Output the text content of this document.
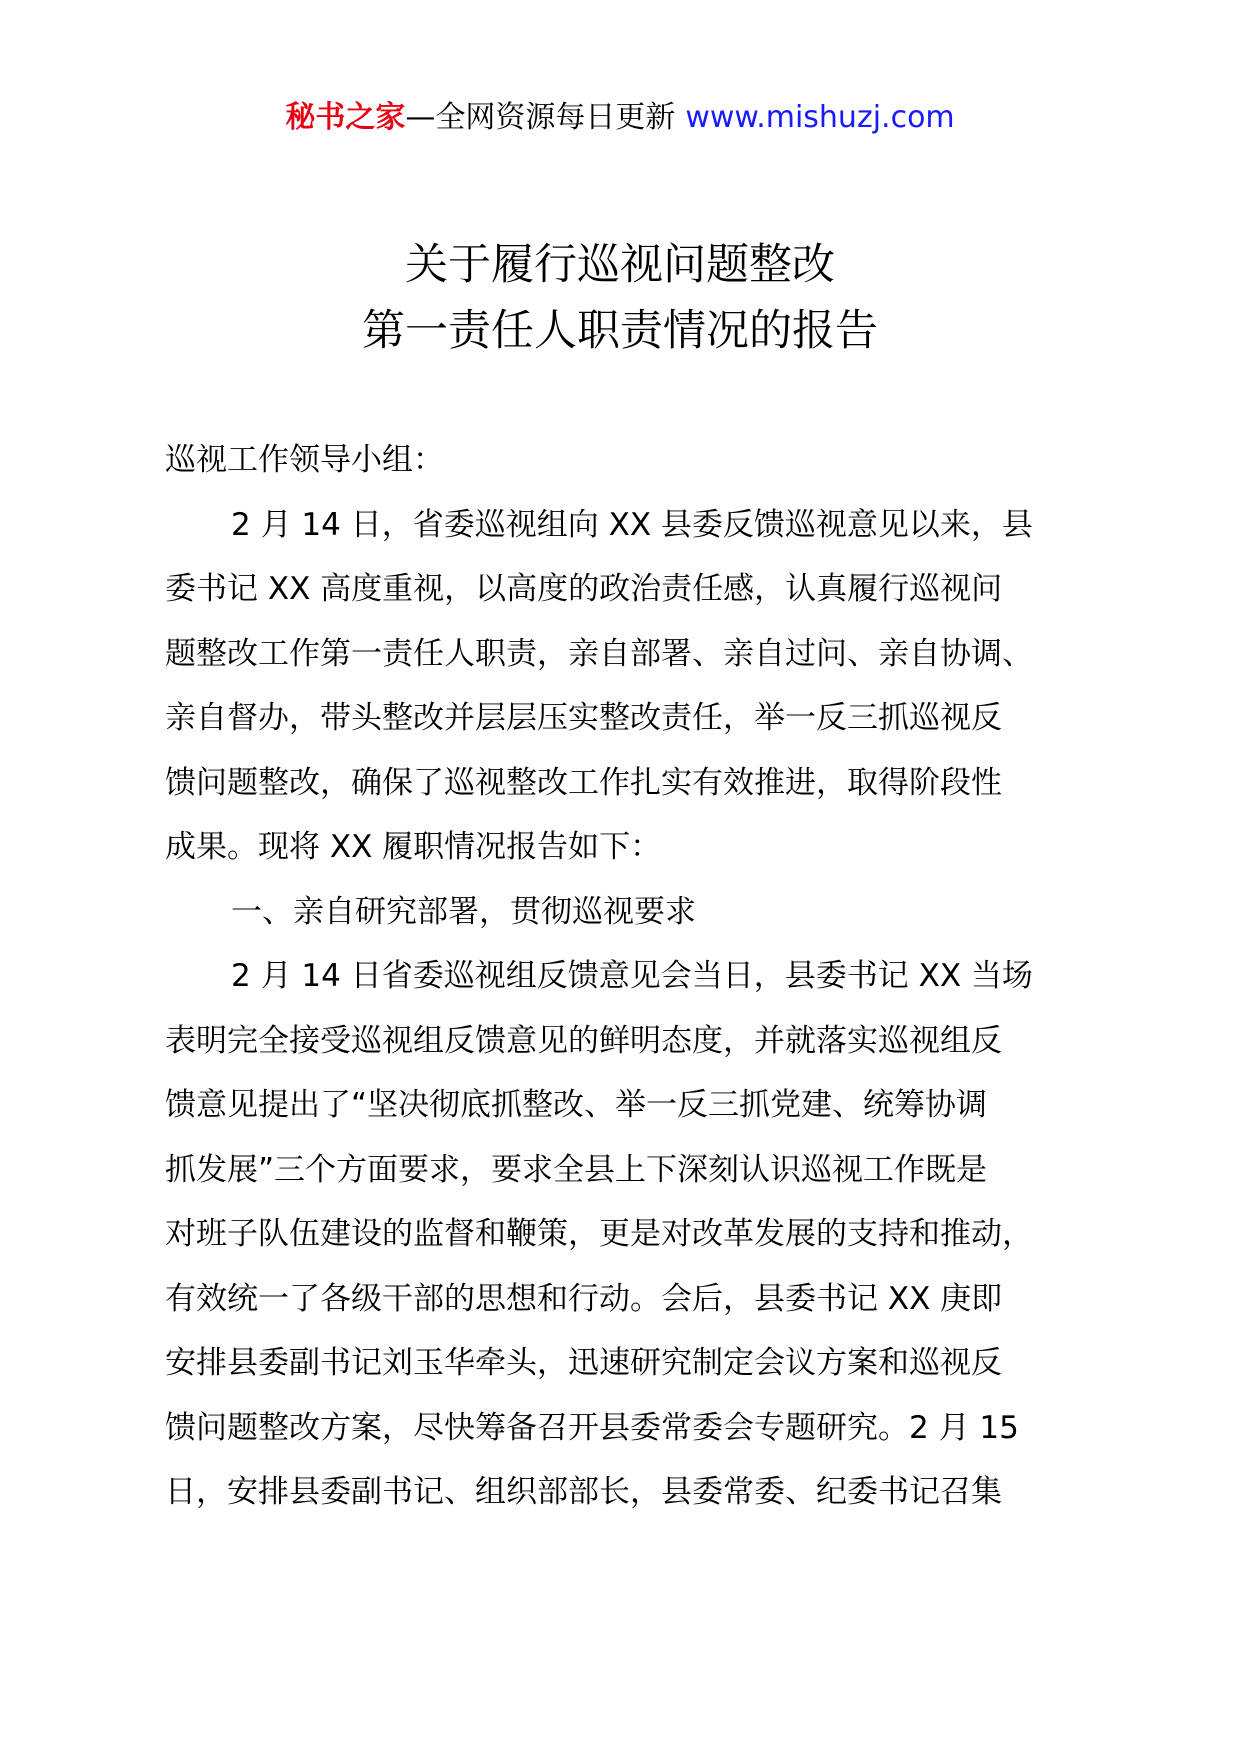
秘书之家—全网资源每日更新 www.mishuzj.com
关于履行巡视问题整改
第一责任人职责情况的报告

巡视工作领导小组：

2 月 14 日，省委巡视组向 XX 县委反馈巡视意见以来，县

委书记 XX 高度重视，以高度的政治责任感，认真履行巡视问
题整改工作第一责任人职责，亲自部署、亲自过问、亲自协调、
亲自督办，带头整改并层层压实整改责任，举一反三抓巡视反
馈问题整改，确保了巡视整改工作扎实有效推进，取得阶段性
成果。现将 XX 履职情况报告如下：

一、亲自研究部署，贯彻巡视要求

2 月 14 日省委巡视组反馈意见会当日，县委书记 XX 当场

表明完全接受巡视组反馈意见的鲜明态度，并就落实巡视组反
馈意见提出了“坚决彻底抓整改、举一反三抓党建、统筹协调
抓发展”三个方面要求，要求全县上下深刻认识巡视工作既是
对班子队伍建设的监督和鞭策，更是对改革发展的支持和推动，
有效统一了各级干部的思想和行动。会后，县委书记 XX 庚即
安排县委副书记刘玉华牵头，迅速研究制定会议方案和巡视反
馈问题整改方案，尽快筹备召开县委常委会专题研究。2 月 15
日，安排县委副书记、组织部部长，县委常委、纪委书记召集
